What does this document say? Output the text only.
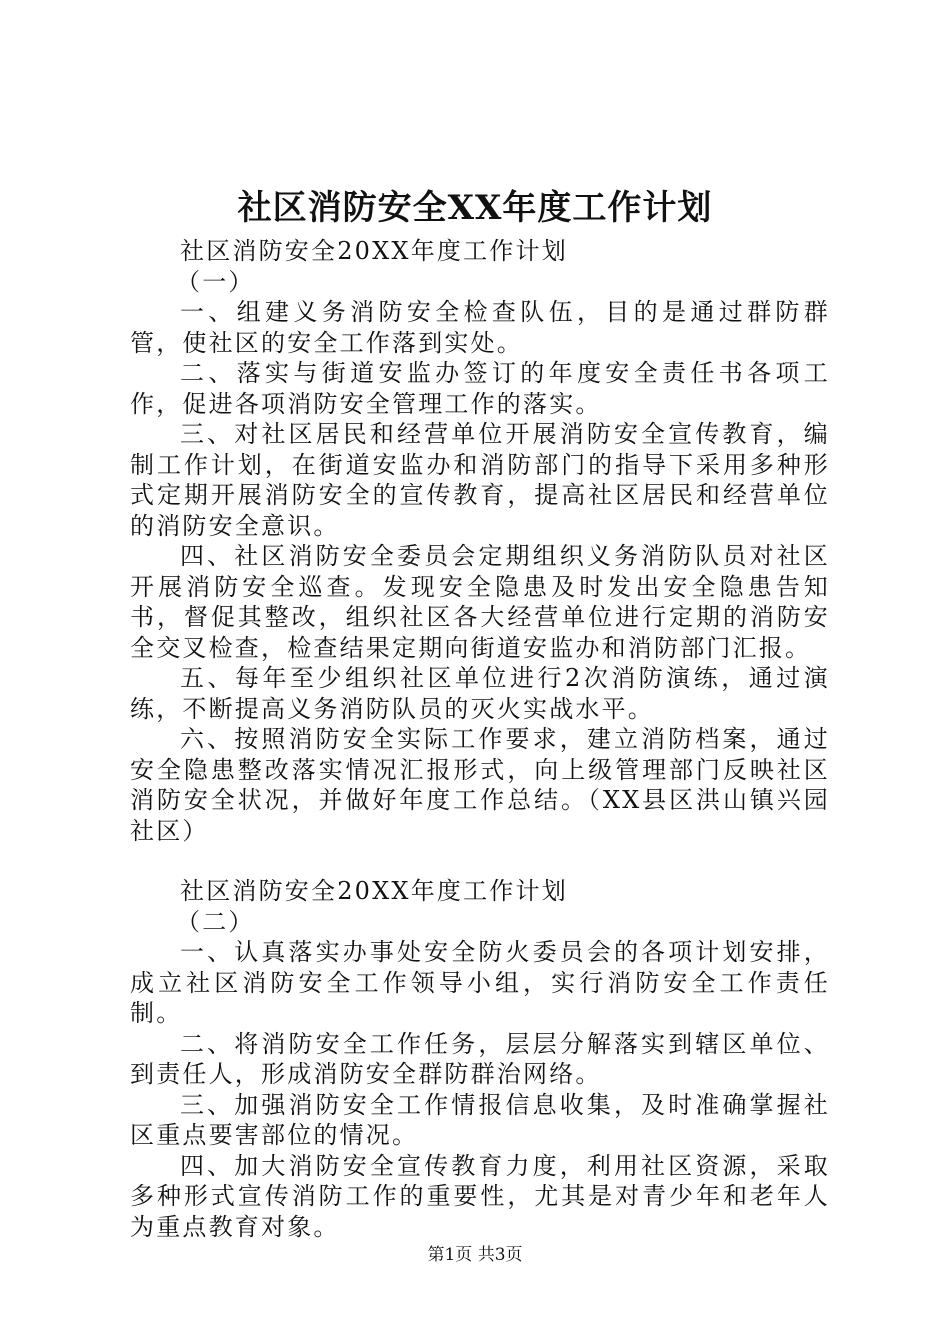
社区消防安全XX年度工作计划

社区消防安全20XX年度工作计划

（一）

一、组建义务消防安全检查队伍，目的是通过群防群管，使社区的安全工作落到实处。

二、落实与街道安监办签订的年度安全责任书各项工作，促进各项消防安全管理工作的落实。

三、对社区居民和经营单位开展消防安全宣传教育，编制工作计划，在街道安监办和消防部门的指导下采用多种形式定期开展消防安全的宣传教育，提高社区居民和经营单位的消防安全意识。

四、社区消防安全委员会定期组织义务消防队员对社区开展消防安全巡查。发现安全隐患及时发出安全隐患告知书，督促其整改，组织社区各大经营单位进行定期的消防安全交叉检查，检查结果定期向街道安监办和消防部门汇报。

五、每年至少组织社区单位进行2次消防演练，通过演练，不断提高义务消防队员的灭火实战水平。

六、按照消防安全实际工作要求，建立消防档案，通过安全隐患整改落实情况汇报形式，向上级管理部门反映社区消防安全状况，并做好年度工作总结。（XX县区洪山镇兴园社区）

社区消防安全20XX年度工作计划

（二）

一、认真落实办事处安全防火委员会的各项计划安排，成立社区消防安全工作领导小组，实行消防安全工作责任制。

二、将消防安全工作任务，层层分解落实到辖区单位、到责任人，形成消防安全群防群治网络。

三、加强消防安全工作情报信息收集，及时准确掌握社区重点要害部位的情况。

四、加大消防安全宣传教育力度，利用社区资源，采取多种形式宣传消防工作的重要性，尤其是对青少年和老年人为重点教育对象。

第1页 共3页
